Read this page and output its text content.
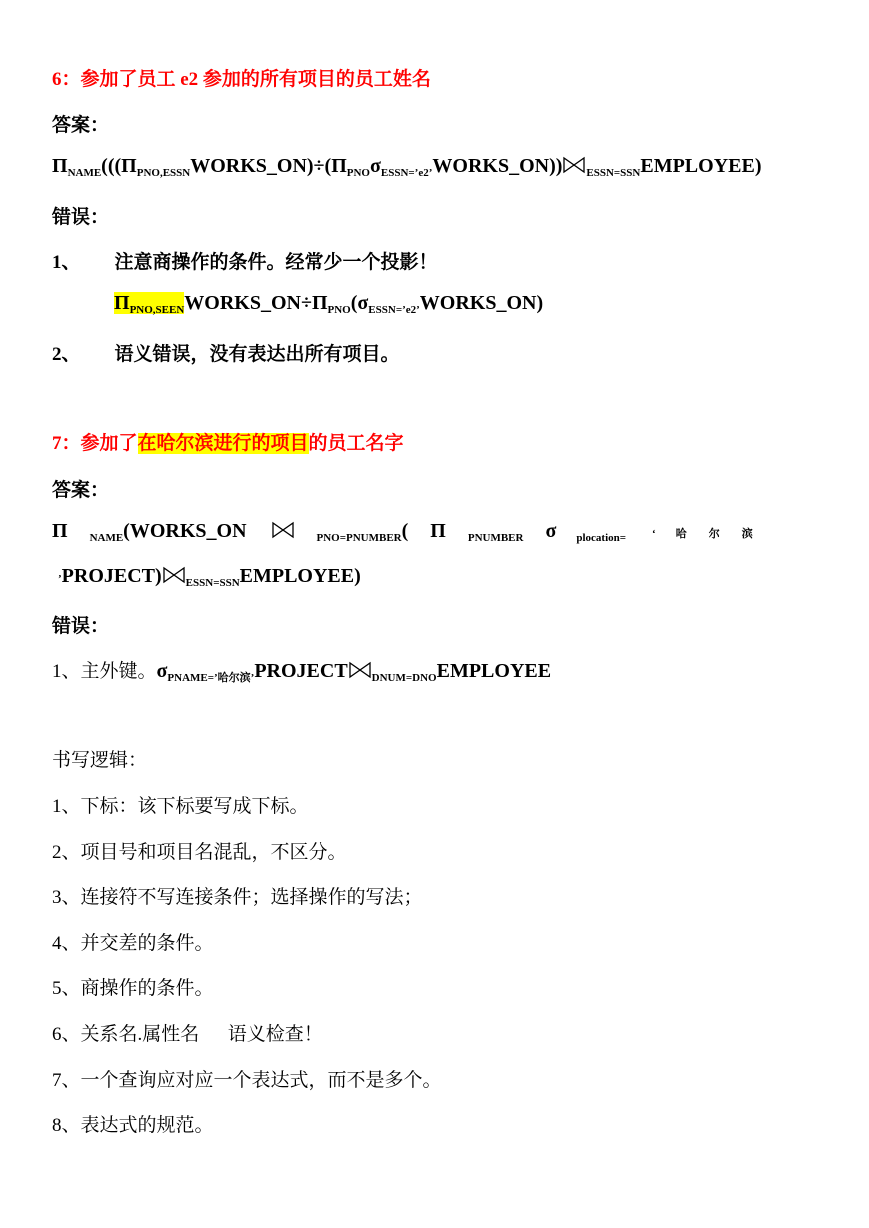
6：参加了员工 e2 参加的所有项目的员工姓名
答案：
$\Pi_{NAME}(((\Pi_{PNO,ESSN}WORKS\_ON)\div(\Pi_{PNO}\sigma_{ESSN=’e2’}WORKS\_ON))$ $_{ESSN=SSN}$EMPLOYEE)
错误：
1、 注意商操作的条件。经常少一个投影！
$\Pi_{PNO,SEEN}WORKS\_ON\div\Pi_{PNO}(\sigma_{ESSN=’e2’}WORKS\_ON)$
2、 语义错误，没有表达出所有项目。
7：参加了在哈尔滨进行的项目的员工名字
答案：
Π $_{NAME}$(WORKS_ON	$_{PNO=PNUMBER}$( Π $_{PNUMBER}$ σ $_{plocation=}$ ‘ 哈 尔 滨
’PROJECT) $_{ESSN=SSN}$EMPLOYEE)
错误：
1、主外键。$\sigma_{PNAME=’哈尔滨’}PROJECT$ $_{DNUM=DNO}$EMPLOYEE
书写逻辑：
1、下标：该下标要写成下标。
2、项目号和项目名混乱，不区分。
3、连接符不写连接条件；选择操作的写法；
4、并交差的条件。
5、商操作的条件。
6、关系名.属性名      语义检查！
7、一个查询应对应一个表达式，而不是多个。
8、表达式的规范。
